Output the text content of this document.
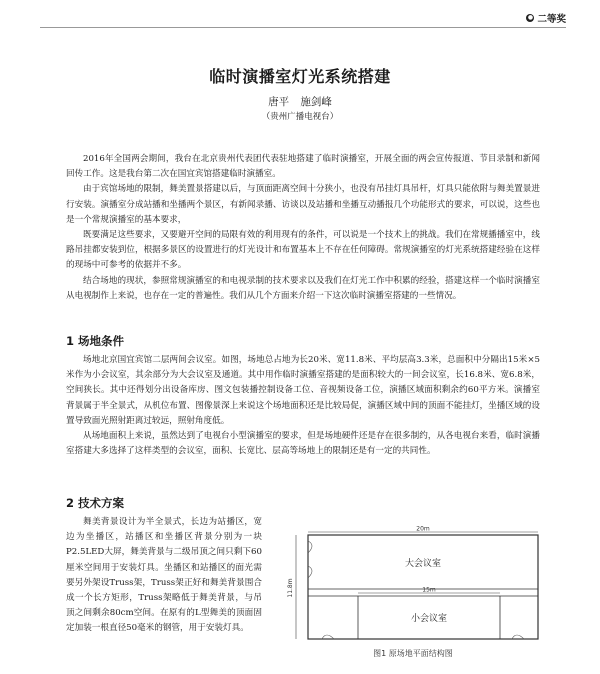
● 二等奖
临时演播室灯光系统搭建
唐平 施剑峰
（贵州广播电视台）

2016年全国两会期间，我台在北京贵州代表团代表驻地搭建了临时演播室，开展全面的两会宣传报道、节目录制和新闻回传工作。这是我台第二次在国宜宾馆搭建临时演播室。

由于宾馆场地的限制，舞美置景搭建以后，与顶面距离空间十分狭小，也没有吊挂灯具吊杆，灯具只能依附与舞美置景进行安装。演播室分成站播和坐播两个景区，有新闻录播、访谈以及站播和坐播互动播报几个功能形式的要求，可以说，这些也是一个常规演播室的基本要求，

既要满足这些要求，又要避开空间的局限有效的利用现有的条件，可以说是一个技术上的挑战。我们在常规播播室中，线路吊挂都安装到位，根据多景区的设置进行的灯光设计和布置基本上不存在任何障碍。常规演播室的灯光系统搭建经验在这样的现场中可参考的依据并不多。

结合场地的现状，参照常规演播室的和电视录制的技术要求以及我们在灯光工作中积累的经验，搭建这样一个临时演播室从电视制作上来说，也存在一定的普遍性。我们从几个方面来介绍一下这次临时演播室搭建的一些情况。

1 场地条件

场地北京国宜宾馆二层两间会议室。如图，场地总占地为长20米、宽11.8米、平均层高3.3米，总面积中分隔出15米×5米作为小会议室，其余部分为大会议室及通道。其中用作临时演播室搭建的是面积较大的一间会议室，长16.8米、宽6.8米，空间狭长。其中还得划分出设备库房、图文包装播控制设备工位、音视频设备工位，演播区域面积剩余约60平方米。演播室背景属于半全景式，从机位布置、图像景深上来说这个场地面积还是比较局促，演播区域中间的顶面不能挂灯，坐播区域的设置导致面光照射距离过较远，照射角度低。

从场地面积上来说，虽然达到了电视台小型演播室的要求，但是场地硬件还是存在很多制约，从各电视台来看，临时演播室搭建大多选择了这样类型的会议室，面积、长宽比、层高等场地上的限制还是有一定的共同性。

2 技术方案

舞美背景设计为半全景式，长边为站播区，宽边为坐播区，站播区和坐播区背景分别为一块P2.5LED大屏，舞美背景与二级吊顶之间只剩下60厘米空间用于安装灯具。坐播区和站播区的面光需要另外架设Truss架，Truss架正好和舞美背景围合成一个长方矩形，Truss架略低于舞美背景，与吊顶之间剩余80cm空间。在原有的L型舞美的顶面固定加装一根直径50毫米的钢管，用于安装灯具。

20m
11.8m	15m
大会议室
小会议室
图1 原场地平面结构图
